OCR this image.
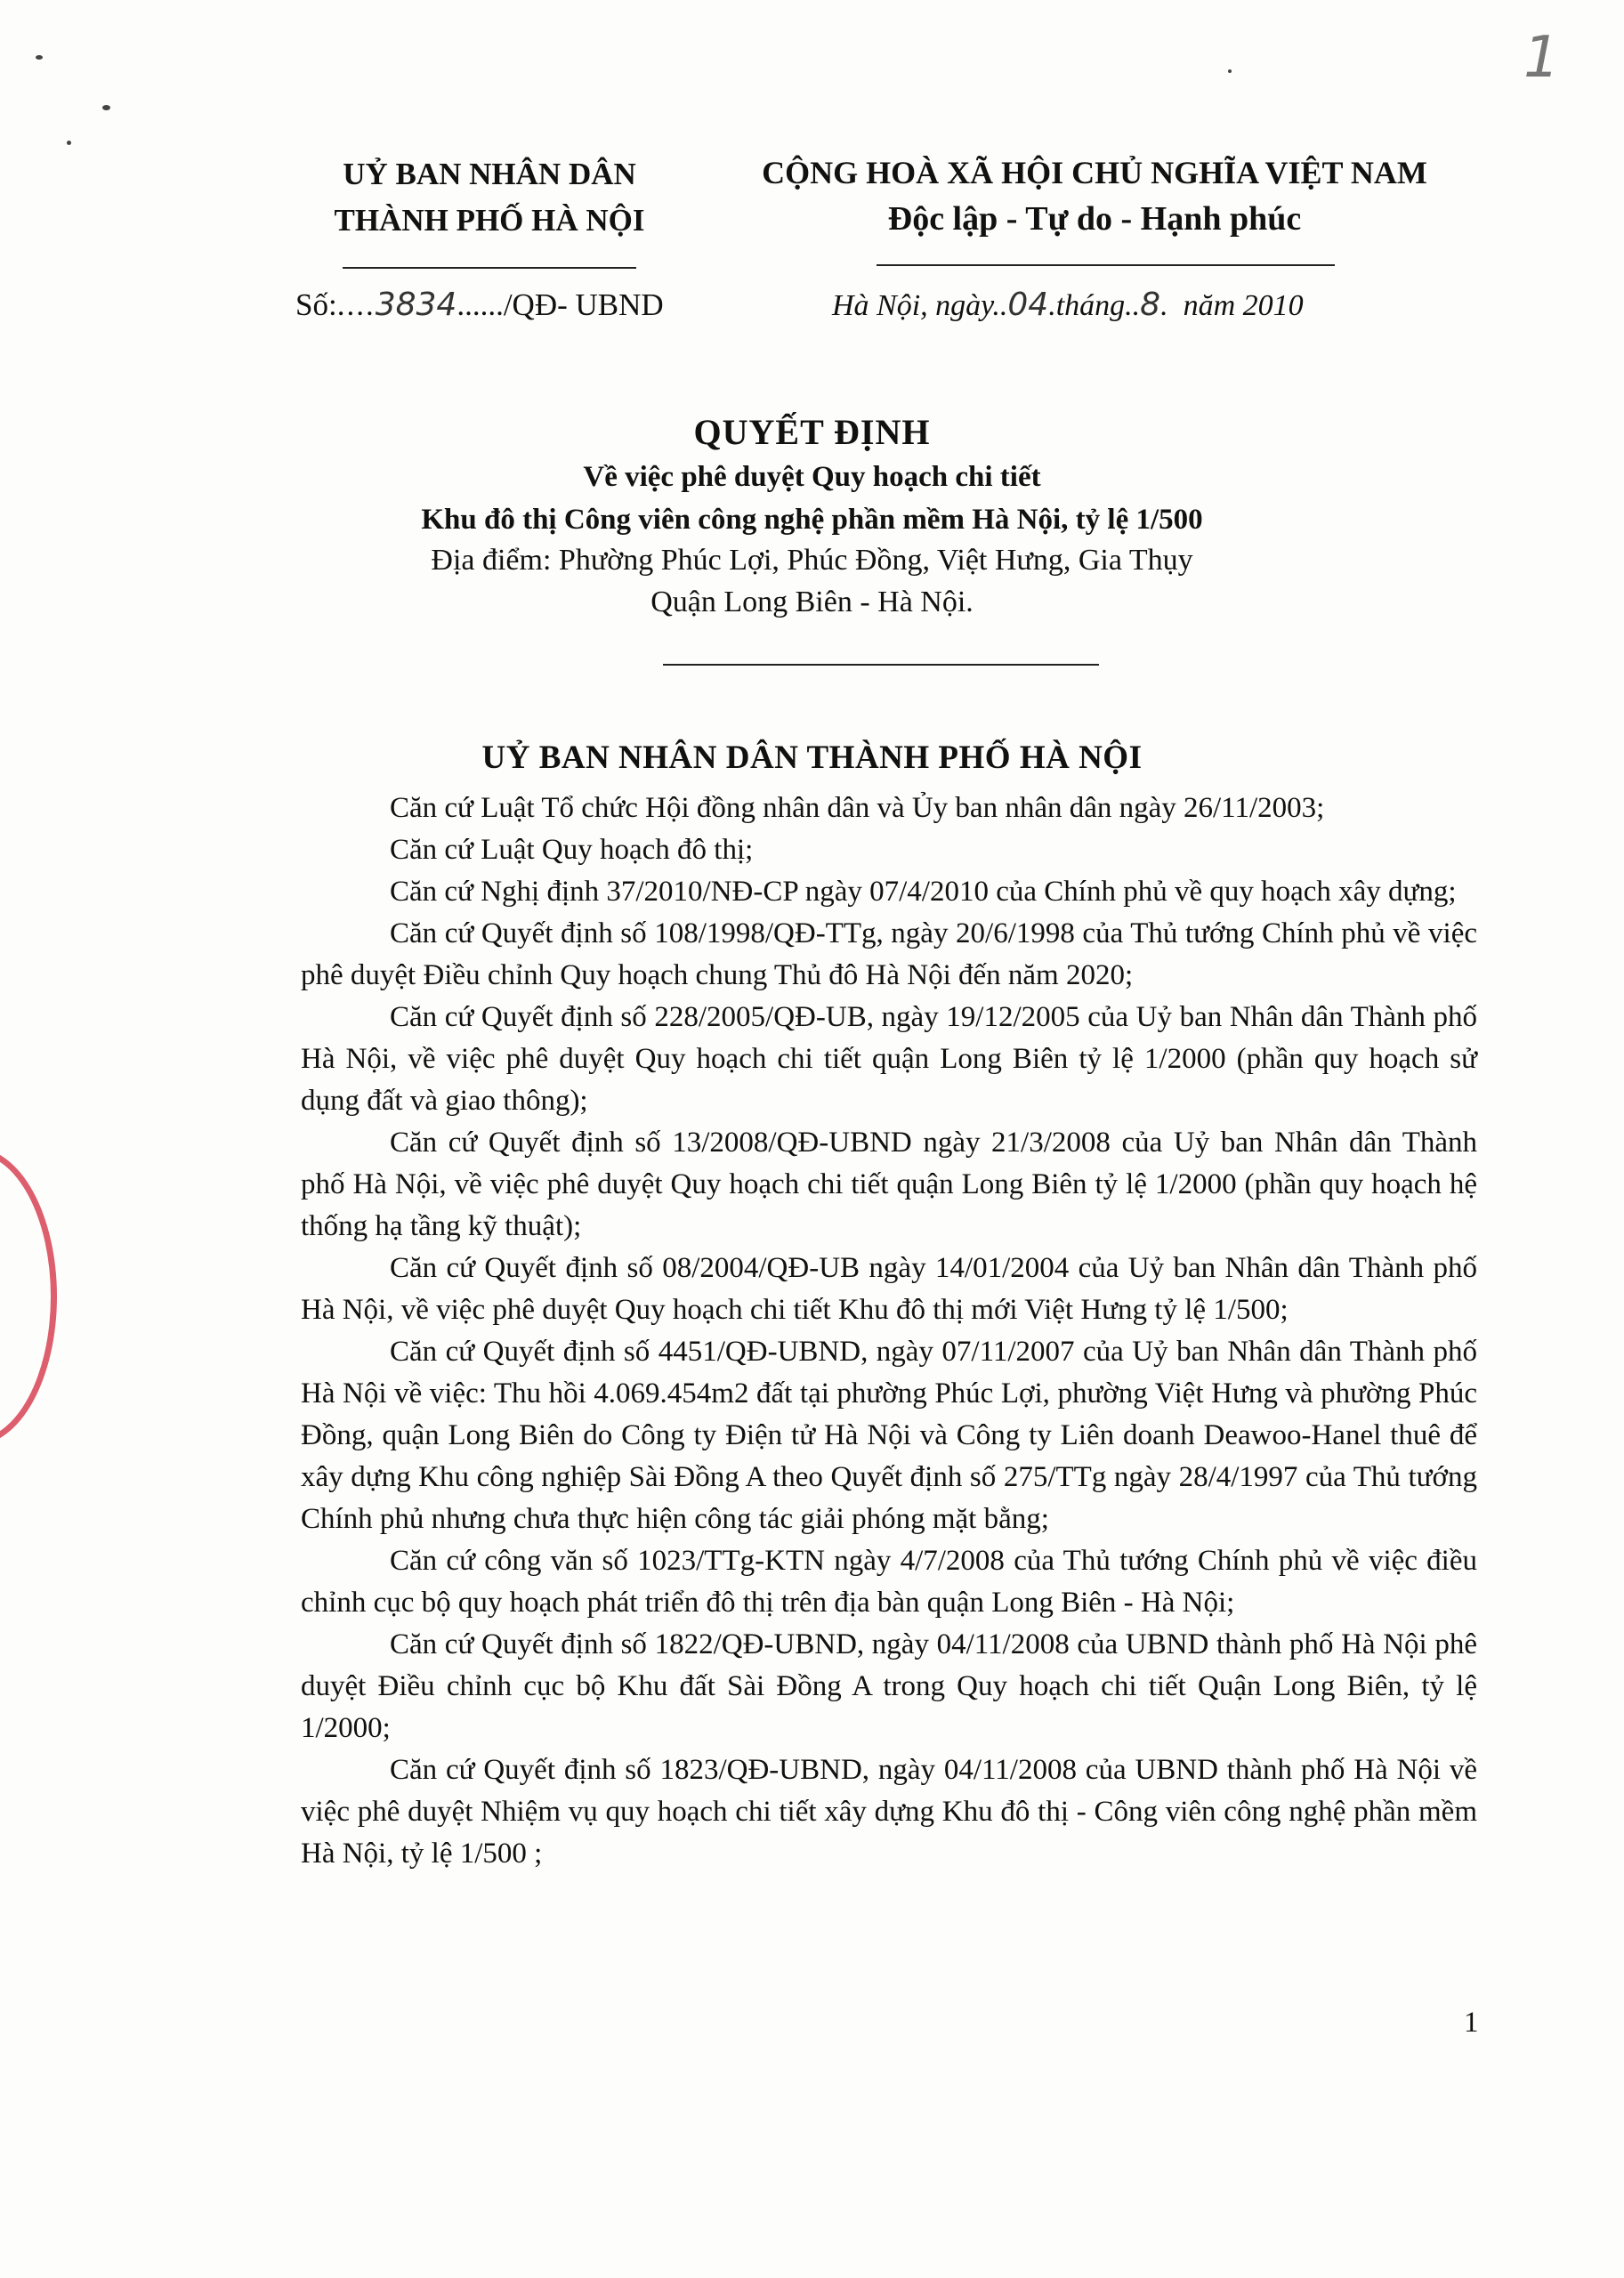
1
UỶ BAN NHÂN DÂN
THÀNH PHỐ HÀ NỘI
CỘNG HOÀ XÃ HỘI CHỦ NGHĨA VIỆT NAM
Độc lập - Tự do - Hạnh phúc
Số:....3834....../QĐ- UBND	Hà Nội, ngày..04.tháng..8.  năm 2010
QUYẾT ĐỊNH
Về việc phê duyệt Quy hoạch chi tiết
Khu đô thị Công viên công nghệ phần mềm Hà Nội, tỷ lệ 1/500
Địa điểm: Phường Phúc Lợi, Phúc Đồng, Việt Hưng, Gia Thụy
Quận Long Biên - Hà Nội.
UỶ BAN NHÂN DÂN THÀNH PHỐ HÀ NỘI

Căn cứ Luật Tổ chức Hội đồng nhân dân và Ủy ban nhân dân ngày 26/11/2003;

Căn cứ Luật Quy hoạch đô thị;

Căn cứ Nghị định 37/2010/NĐ-CP ngày 07/4/2010 của Chính phủ về quy hoạch xây dựng;

Căn cứ Quyết định số 108/1998/QĐ-TTg, ngày 20/6/1998 của Thủ tướng Chính phủ về việc phê duyệt Điều chỉnh Quy hoạch chung Thủ đô Hà Nội đến năm 2020;

Căn cứ Quyết định số 228/2005/QĐ-UB, ngày 19/12/2005 của Uỷ ban Nhân dân Thành phố Hà Nội, về việc phê duyệt Quy hoạch chi tiết quận Long Biên tỷ lệ 1/2000 (phần quy hoạch sử dụng đất và giao thông);

Căn cứ Quyết định số 13/2008/QĐ-UBND ngày 21/3/2008 của Uỷ ban Nhân dân Thành phố Hà Nội, về việc phê duyệt Quy hoạch chi tiết quận Long Biên tỷ lệ 1/2000 (phần quy hoạch hệ thống hạ tầng kỹ thuật);

Căn cứ Quyết định số 08/2004/QĐ-UB ngày 14/01/2004 của Uỷ ban Nhân dân Thành phố Hà Nội, về việc phê duyệt Quy hoạch chi tiết Khu đô thị mới Việt Hưng tỷ lệ 1/500;

Căn cứ Quyết định số 4451/QĐ-UBND, ngày 07/11/2007 của Uỷ ban Nhân dân Thành phố Hà Nội về việc: Thu hồi 4.069.454m2 đất tại phường Phúc Lợi, phường Việt Hưng và phường Phúc Đồng, quận Long Biên do Công ty Điện tử Hà Nội và Công ty Liên doanh Deawoo-Hanel thuê để xây dựng Khu công nghiệp Sài Đồng A theo Quyết định số 275/TTg ngày 28/4/1997 của Thủ tướng Chính phủ nhưng chưa thực hiện công tác giải phóng mặt bằng;

Căn cứ công văn số 1023/TTg-KTN ngày 4/7/2008 của Thủ tướng Chính phủ về việc điều chỉnh cục bộ quy hoạch phát triển đô thị trên địa bàn quận Long Biên - Hà Nội;

Căn cứ Quyết định số 1822/QĐ-UBND, ngày 04/11/2008 của UBND thành phố Hà Nội phê duyệt Điều chỉnh cục bộ Khu đất Sài Đồng A trong Quy hoạch chi tiết Quận Long Biên, tỷ lệ 1/2000;

Căn cứ Quyết định số 1823/QĐ-UBND, ngày 04/11/2008 của UBND thành phố Hà Nội về việc phê duyệt Nhiệm vụ quy hoạch chi tiết xây dựng Khu đô thị - Công viên công nghệ phần mềm Hà Nội, tỷ lệ 1/500 ;

1
